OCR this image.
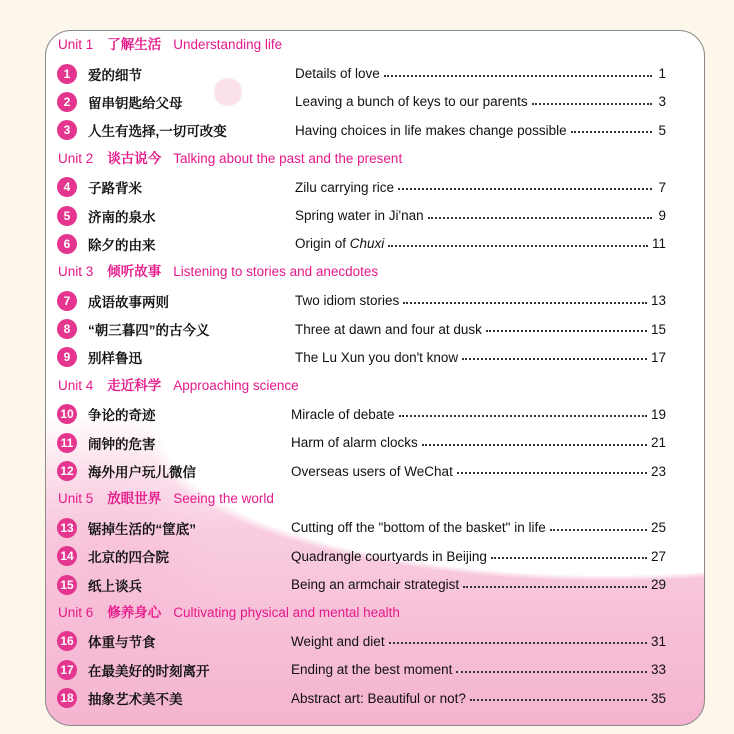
Unit 1 了解生活 Understanding life
1	爱的细节	Details of love	1
2	留串钥匙给父母	Leaving a bunch of keys to our parents	3
3	人生有选择,一切可改变	Having choices in life makes change possible	5
Unit 2 谈古说今 Talking about the past and the present
4	子路背米	Zilu carrying rice	7
5	济南的泉水	Spring water in Ji'nan	9
6	除夕的由来	Origin of Chuxi	11
Unit 3 倾听故事 Listening to stories and anecdotes
7	成语故事两则	Two idiom stories	13
8	“朝三暮四”的古今义	Three at dawn and four at dusk	15
9	别样鲁迅	The Lu Xun you don't know	17
Unit 4 走近科学 Approaching science
10 争论的奇迹	Miracle of debate	19
11 闹钟的危害	Harm of alarm clocks	21
12 海外用户玩儿微信	Overseas users of WeChat	23
Unit 5 放眼世界 Seeing the world
13 锯掉生活的“筐底”	Cutting off the "bottom of the basket" in life	25
14 北京的四合院	Quadrangle courtyards in Beijing	27
15 纸上谈兵	Being an armchair strategist	29
Unit 6 修养身心 Cultivating physical and mental health
16 体重与节食	Weight and diet	31
17 在最美好的时刻离开	Ending at the best moment	33
18 抽象艺术美不美	Abstract art: Beautiful or not?	35
